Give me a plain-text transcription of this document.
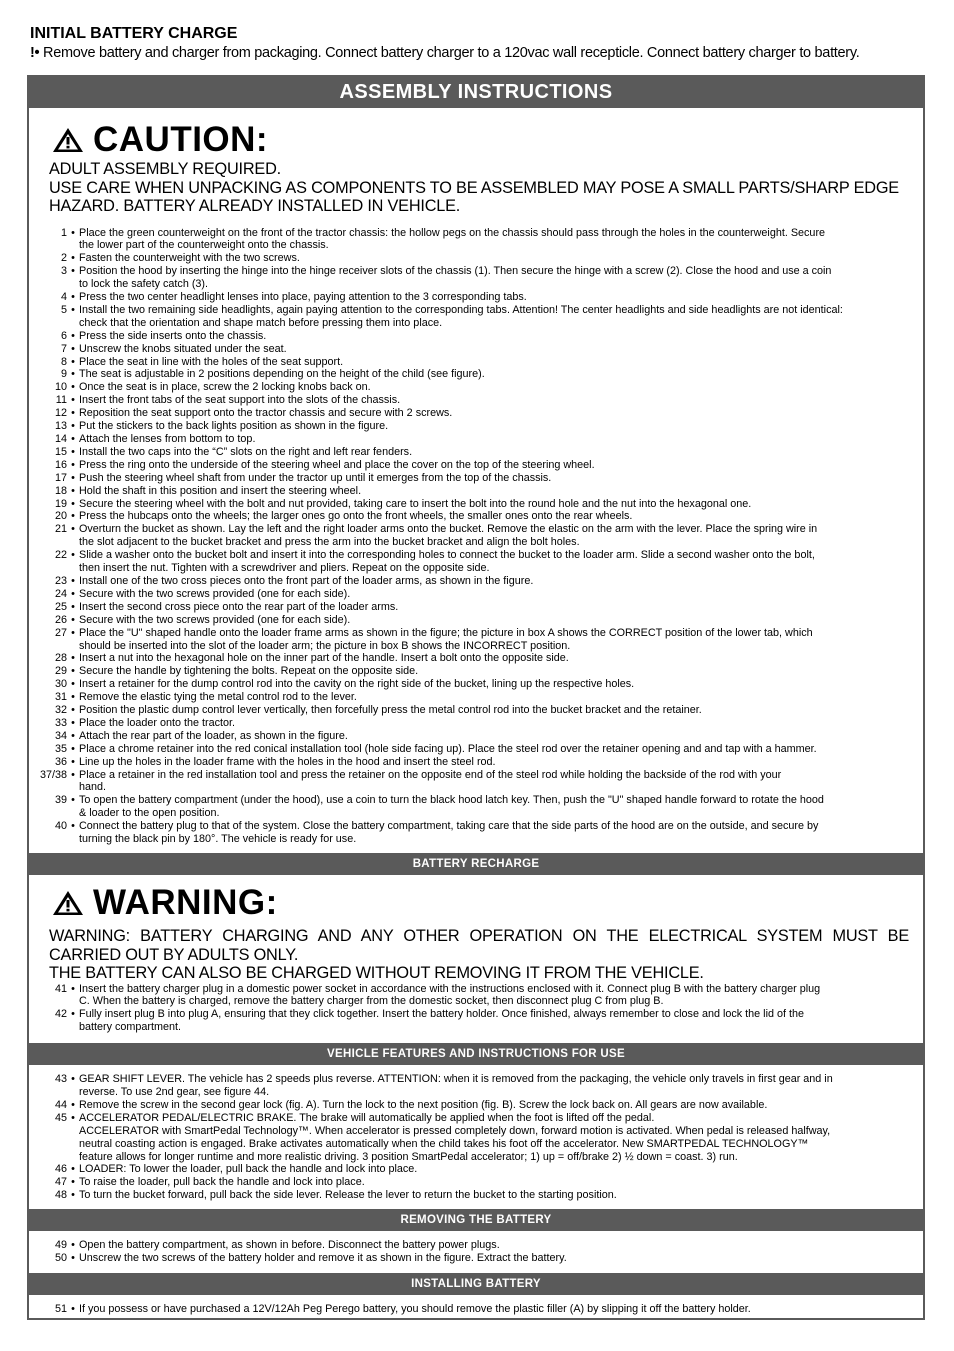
INITIAL BATTERY CHARGE
!• Remove battery and charger from packaging. Connect battery charger to a 120vac wall recepticle. Connect battery charger to battery.
ASSEMBLY INSTRUCTIONS
CAUTION:
ADULT ASSEMBLY REQUIRED.
USE CARE WHEN UNPACKING AS COMPONENTS TO BE ASSEMBLED MAY POSE A SMALL PARTS/SHARP EDGE HAZARD. BATTERY ALREADY INSTALLED IN VEHICLE.
1 • Place the green counterweight on the front of the tractor chassis: the hollow pegs on the chassis should pass through the holes in the counterweight. Secure
the lower part of the counterweight onto the chassis.
2 • Fasten the counterweight with the two screws.
3 • Position the hood by inserting the hinge into the hinge receiver slots of the chassis (1). Then secure the hinge with a screw (2). Close the hood and use a coin
to lock the safety catch (3).
4 • Press the two center headlight lenses into place, paying attention to the 3 corresponding tabs.
5 • Install the two remaining side headlights, again paying attention to the corresponding tabs. Attention! The center headlights and side headlights are not identical:
check that the orientation and shape match before pressing them into place.
6 • Press the side inserts onto the chassis.
7 • Unscrew the knobs situated under the seat.
8 • Place the seat in line with the holes of the seat support.
9 • The seat is adjustable in 2 positions depending on the height of the child (see figure).
10 • Once the seat is in place, screw the 2 locking knobs back on.
11 • Insert the front tabs of the seat support into the slots of the chassis.
12 • Reposition the seat support onto the tractor chassis and secure with 2 screws.
13 • Put the stickers to the back lights position as shown in the figure.
14 • Attach the lenses from bottom to top.
15 • Install the two caps into the “C” slots on the right and left rear fenders.
16 • Press the ring onto the underside of the steering wheel and place the cover on the top of the steering wheel.
17 • Push the steering wheel shaft from under the tractor up until it emerges from the top of the chassis.
18 • Hold the shaft in this position and insert the steering wheel.
19 • Secure the steering wheel with the bolt and nut provided, taking care to insert the bolt into the round hole and the nut into the hexagonal one.
20 • Press the hubcaps onto the wheels; the larger ones go onto the front wheels, the smaller ones onto the rear wheels.
21 • Overturn the bucket as shown. Lay the left and the right loader arms onto the bucket. Remove the elastic on the arm with the lever. Place the spring wire in
the slot adjacent to the bucket bracket and press the arm into the bucket bracket and align the bolt holes.
22 • Slide a washer onto the bucket bolt and insert it into the corresponding holes to connect the bucket to the loader arm. Slide a second washer onto the bolt,
then insert the nut. Tighten with a screwdriver and pliers. Repeat on the opposite side.
23 • Install one of the two cross pieces onto the front part of the loader arms, as shown in the figure.
24 • Secure with the two screws provided (one for each side).
25 • Insert the second cross piece onto the rear part of the loader arms.
26 • Secure with the two screws provided (one for each side).
27 • Place the "U" shaped handle onto the loader frame arms as shown in the figure; the picture in box A shows the CORRECT position of the lower tab, which
should be inserted into the slot of the loader arm; the picture in box B shows the INCORRECT position.
28 • Insert a nut into the hexagonal hole on the inner part of the handle. Insert a bolt onto the opposite side.
29 • Secure the handle by tightening the bolts. Repeat on the opposite side.
30 • Insert a retainer for the dump control rod into the cavity on the right side of the bucket, lining up the respective holes.
31 • Remove the elastic tying the metal control rod to the lever.
32 • Position the plastic dump control lever vertically, then forcefully press the metal control rod into the bucket bracket and the retainer.
33 • Place the loader onto the tractor.
34 • Attach the rear part of the loader, as shown in the figure.
35 • Place a chrome retainer into the red conical installation tool (hole side facing up). Place the steel rod over the retainer opening and and tap with a hammer.
36 • Line up the holes in the loader frame with the holes in the hood and insert the steel rod.
37/38 • Place a retainer in the red installation tool and press the retainer on the opposite end of the steel rod while holding the backside of the rod with your
hand.
39 • To open the battery compartment (under the hood), use a coin to turn the black hood latch key. Then, push the "U" shaped handle forward to rotate the hood
& loader to the open position.
40 • Connect the battery plug to that of the system. Close the battery compartment, taking care that the side parts of the hood are on the outside, and secure by
turning the black pin by 180°. The vehicle is ready for use.
BATTERY RECHARGE
WARNING:
WARNING: BATTERY CHARGING AND ANY OTHER OPERATION ON THE ELECTRICAL SYSTEM MUST BE CARRIED OUT BY ADULTS ONLY.
THE BATTERY CAN ALSO BE CHARGED WITHOUT REMOVING IT FROM THE VEHICLE.
41 • Insert the battery charger plug in a domestic power socket in accordance with the instructions enclosed with it. Connect plug B with the battery charger plug
C. When the battery is charged, remove the battery charger from the domestic socket, then disconnect plug C from plug B.
42 • Fully insert plug B into plug A, ensuring that they click together. Insert the battery holder. Once finished, always remember to close and lock the lid of the
battery compartment.
VEHICLE FEATURES AND INSTRUCTIONS FOR USE
43 • GEAR SHIFT LEVER. The vehicle has 2 speeds plus reverse. ATTENTION: when it is removed from the packaging, the vehicle only travels in first gear and in
reverse. To use 2nd gear, see figure 44.
44 • Remove the screw in the second gear lock (fig. A). Turn the lock to the next position (fig. B). Screw the lock back on. All gears are now available.
45 • ACCELERATOR PEDAL/ELECTRIC BRAKE. The brake will automatically be applied when the foot is lifted off the pedal.
ACCELERATOR with SmartPedal Technology™. When accelerator is pressed completely down, forward motion is activated. When pedal is released halfway,
neutral coasting action is engaged. Brake activates automatically when the child takes his foot off the accelerator. New SMARTPEDAL TECHNOLOGY™
feature allows for longer runtime and more realistic driving. 3 position SmartPedal accelerator; 1) up = off/brake 2) ½ down = coast. 3) run.
46 • LOADER: To lower the loader, pull back the handle and lock into place.
47 • To raise the loader, pull back the handle and lock into place.
48 • To turn the bucket forward, pull back the side lever. Release the lever to return the bucket to the starting position.
REMOVING THE BATTERY
49 • Open the battery compartment, as shown in before. Disconnect the battery power plugs.
50 • Unscrew the two screws of the battery holder and remove it as shown in the figure. Extract the battery.
INSTALLING BATTERY
51 • If you possess or have purchased a 12V/12Ah Peg Perego battery, you should remove the plastic filler (A) by slipping it off the battery holder.
